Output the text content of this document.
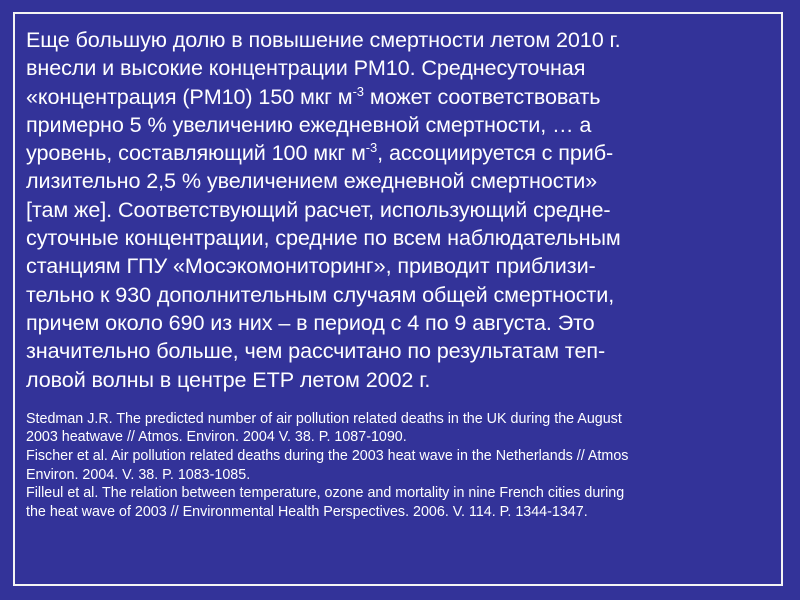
Еще большую долю в повышение смертности летом 2010 г.
внесли и высокие концентрации PM10. Среднесуточная
«концентрация (PM10) 150 мкг $м^{-3}$ может соответствовать
примерно 5 % увеличению ежедневной смертности, … а
уровень, составляющий 100 мкг $м^{-3}$, ассоциируется с приб-
лизительно 2,5 % увеличением ежедневной смертности»
[там же]. Соответствующий расчет, использующий средне-
суточные концентрации, средние по всем наблюдательным
станциям ГПУ «Мосэкомониторинг», приводит приблизи-
тельно к 930 дополнительным случаям общей смертности,
причем около 690 из них – в период с 4 по 9 августа. Это
значительно больше, чем рассчитано по результатам теп-
ловой волны в центре ЕТР летом 2002 г.

Stedman J.R. The predicted number of air pollution related deaths in the UK during the August
2003 heatwave // Atmos. Environ. 2004 V. 38. P. 1087-1090.
Fischer et al. Air pollution related deaths during the 2003 heat wave in the Netherlands // Atmos
Environ. 2004. V. 38. P. 1083-1085.
Filleul et al. The relation between temperature, ozone and mortality in nine French cities during
the heat wave of 2003 // Environmental Health Perspectives. 2006. V. 114. P. 1344-1347.
